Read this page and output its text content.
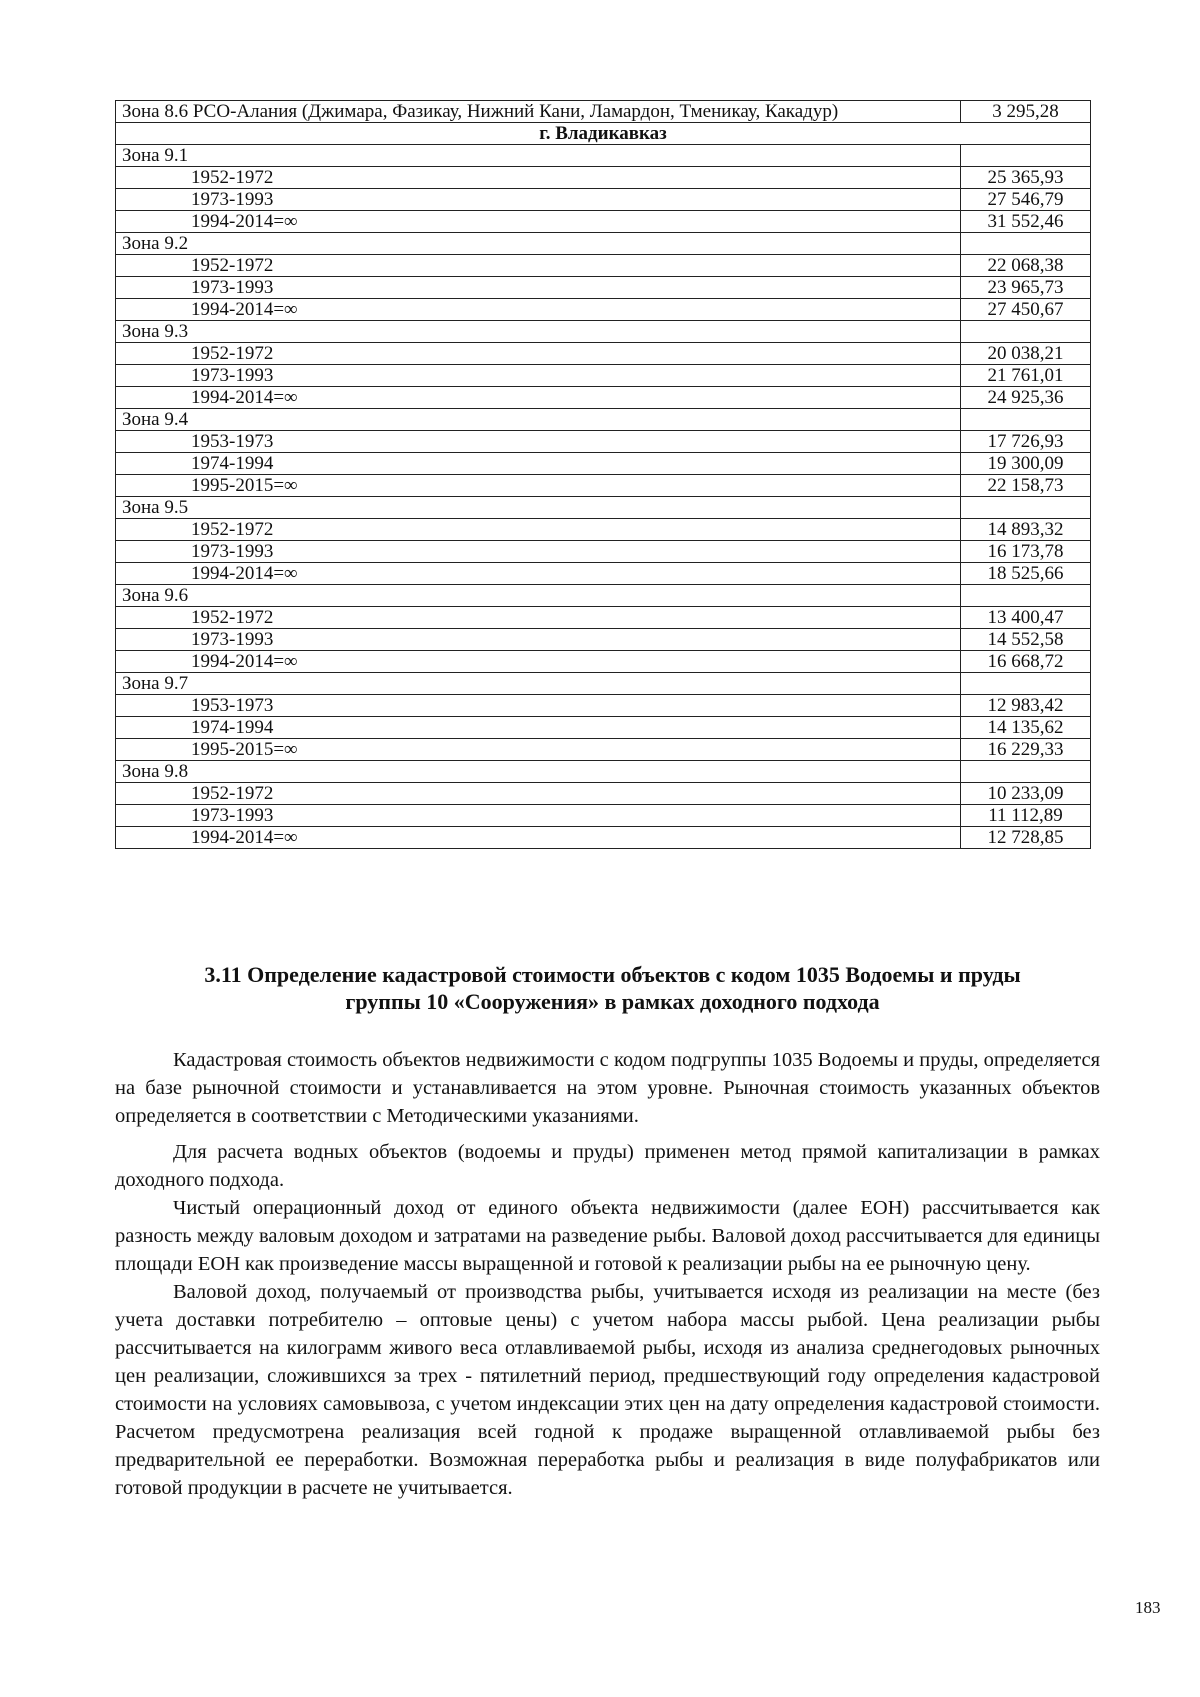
Зона 8.6 РСО-Алания (Джимара, Фазикау, Нижний Кани, Ламардон, Тменикау, Какадур)	3 295,28
г. Владикавказ	
Зона 9.1	
1952-1972	25 365,93
1973-1993	27 546,79
1994-2014=∞	31 552,46
Зона 9.2	
1952-1972	22 068,38
1973-1993	23 965,73
1994-2014=∞	27 450,67
Зона 9.3	
1952-1972	20 038,21
1973-1993	21 761,01
1994-2014=∞	24 925,36
Зона 9.4	
1953-1973	17 726,93
1974-1994	19 300,09
1995-2015=∞	22 158,73
Зона 9.5	
1952-1972	14 893,32
1973-1993	16 173,78
1994-2014=∞	18 525,66
Зона 9.6	
1952-1972	13 400,47
1973-1993	14 552,58
1994-2014=∞	16 668,72
Зона 9.7	
1953-1973	12 983,42
1974-1994	14 135,62
1995-2015=∞	16 229,33
Зона 9.8	
1952-1972	10 233,09
1973-1993	11 112,89
1994-2014=∞	12 728,85
3.11 Определение кадастровой стоимости объектов с кодом 1035 Водоемы и пруды
группы 10 «Сооружения» в рамках доходного подхода

Кадастровая стоимость объектов недвижимости с кодом подгруппы 1035 Водоемы и пруды, определяется на базе рыночной стоимости и устанавливается на этом уровне. Рыночная стоимость указанных объектов определяется в соответствии с Методическими указаниями.

Для расчета водных объектов (водоемы и пруды) применен метод прямой капитализации в рамках доходного подхода.

Чистый операционный доход от единого объекта недвижимости (далее ЕОН) рассчитывается как разность между валовым доходом и затратами на разведение рыбы. Валовой доход рассчитывается для единицы площади ЕОН как произведение массы выращенной и готовой к реализации рыбы на ее рыночную цену.

Валовой доход, получаемый от производства рыбы, учитывается исходя из реализации на месте (без учета доставки потребителю – оптовые цены) с учетом набора массы рыбой. Цена реализации рыбы рассчитывается на килограмм живого веса отлавливаемой рыбы, исходя из анализа среднегодовых рыночных цен реализации, сложившихся за трех - пятилетний период, предшествующий году определения кадастровой стоимости на условиях самовывоза, с учетом индексации этих цен на дату определения кадастровой стоимости. Расчетом предусмотрена реализация всей годной к продаже выращенной отлавливаемой рыбы без предварительной ее переработки. Возможная переработка рыбы и реализация в виде полуфабрикатов или готовой продукции в расчете не учитывается.

183
